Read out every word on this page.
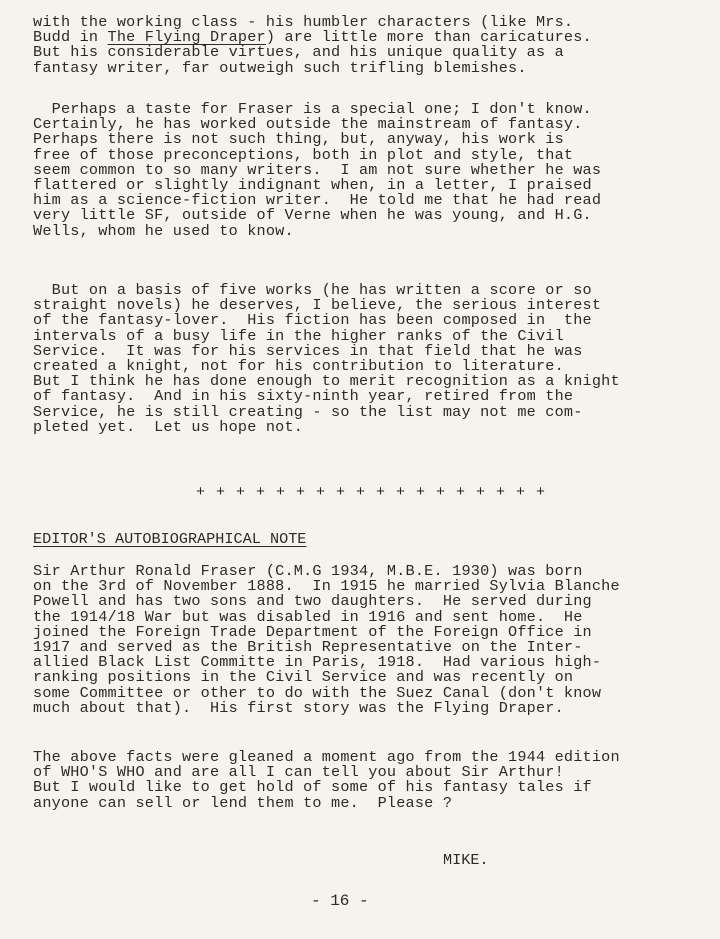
with the working class - his humbler characters (like Mrs.
Budd in The Flying Draper) are little more than caricatures.
But his considerable virtues, and his unique quality as a
fantasy writer, far outweigh such trifling blemishes.
Perhaps a taste for Fraser is a special one; I don't know.
Certainly, he has worked outside the mainstream of fantasy.
Perhaps there is not such thing, but, anyway, his work is
free of those preconceptions, both in plot and style, that
seem common to so many writers.  I am not sure whether he was
flattered or slightly indignant when, in a letter, I praised
him as a science-fiction writer.  He told me that he had read
very little SF, outside of Verne when he was young, and H.G.
Wells, whom he used to know.
But on a basis of five works (he has written a score or so
straight novels) he deserves, I believe, the serious interest
of the fantasy-lover.  His fiction has been composed in  the
intervals of a busy life in the higher ranks of the Civil
Service.  It was for his services in that field that he was
created a knight, not for his contribution to literature.
But I think he has done enough to merit recognition as a knight
of fantasy.  And in his sixty-ninth year, retired from the
Service, he is still creating - so the list may not me com-
pleted yet.  Let us hope not.
+ + + + + + + + + + + + + + + + + +
EDITOR'S AUTOBIOGRAPHICAL NOTE
Sir Arthur Ronald Fraser (C.M.G 1934, M.B.E. 1930) was born
on the 3rd of November 1888.  In 1915 he married Sylvia Blanche
Powell and has two sons and two daughters.  He served during
the 1914/18 War but was disabled in 1916 and sent home.  He
joined the Foreign Trade Department of the Foreign Office in
1917 and served as the British Representative on the Inter-
allied Black List Committe in Paris, 1918.  Had various high-
ranking positions in the Civil Service and was recently on
some Committee or other to do with the Suez Canal (don't know
much about that).  His first story was the Flying Draper.
The above facts were gleaned a moment ago from the 1944 edition
of WHO'S WHO and are all I can tell you about Sir Arthur!
But I would like to get hold of some of his fantasy tales if
anyone can sell or lend them to me.  Please ?
MIKE.
- 16 -
